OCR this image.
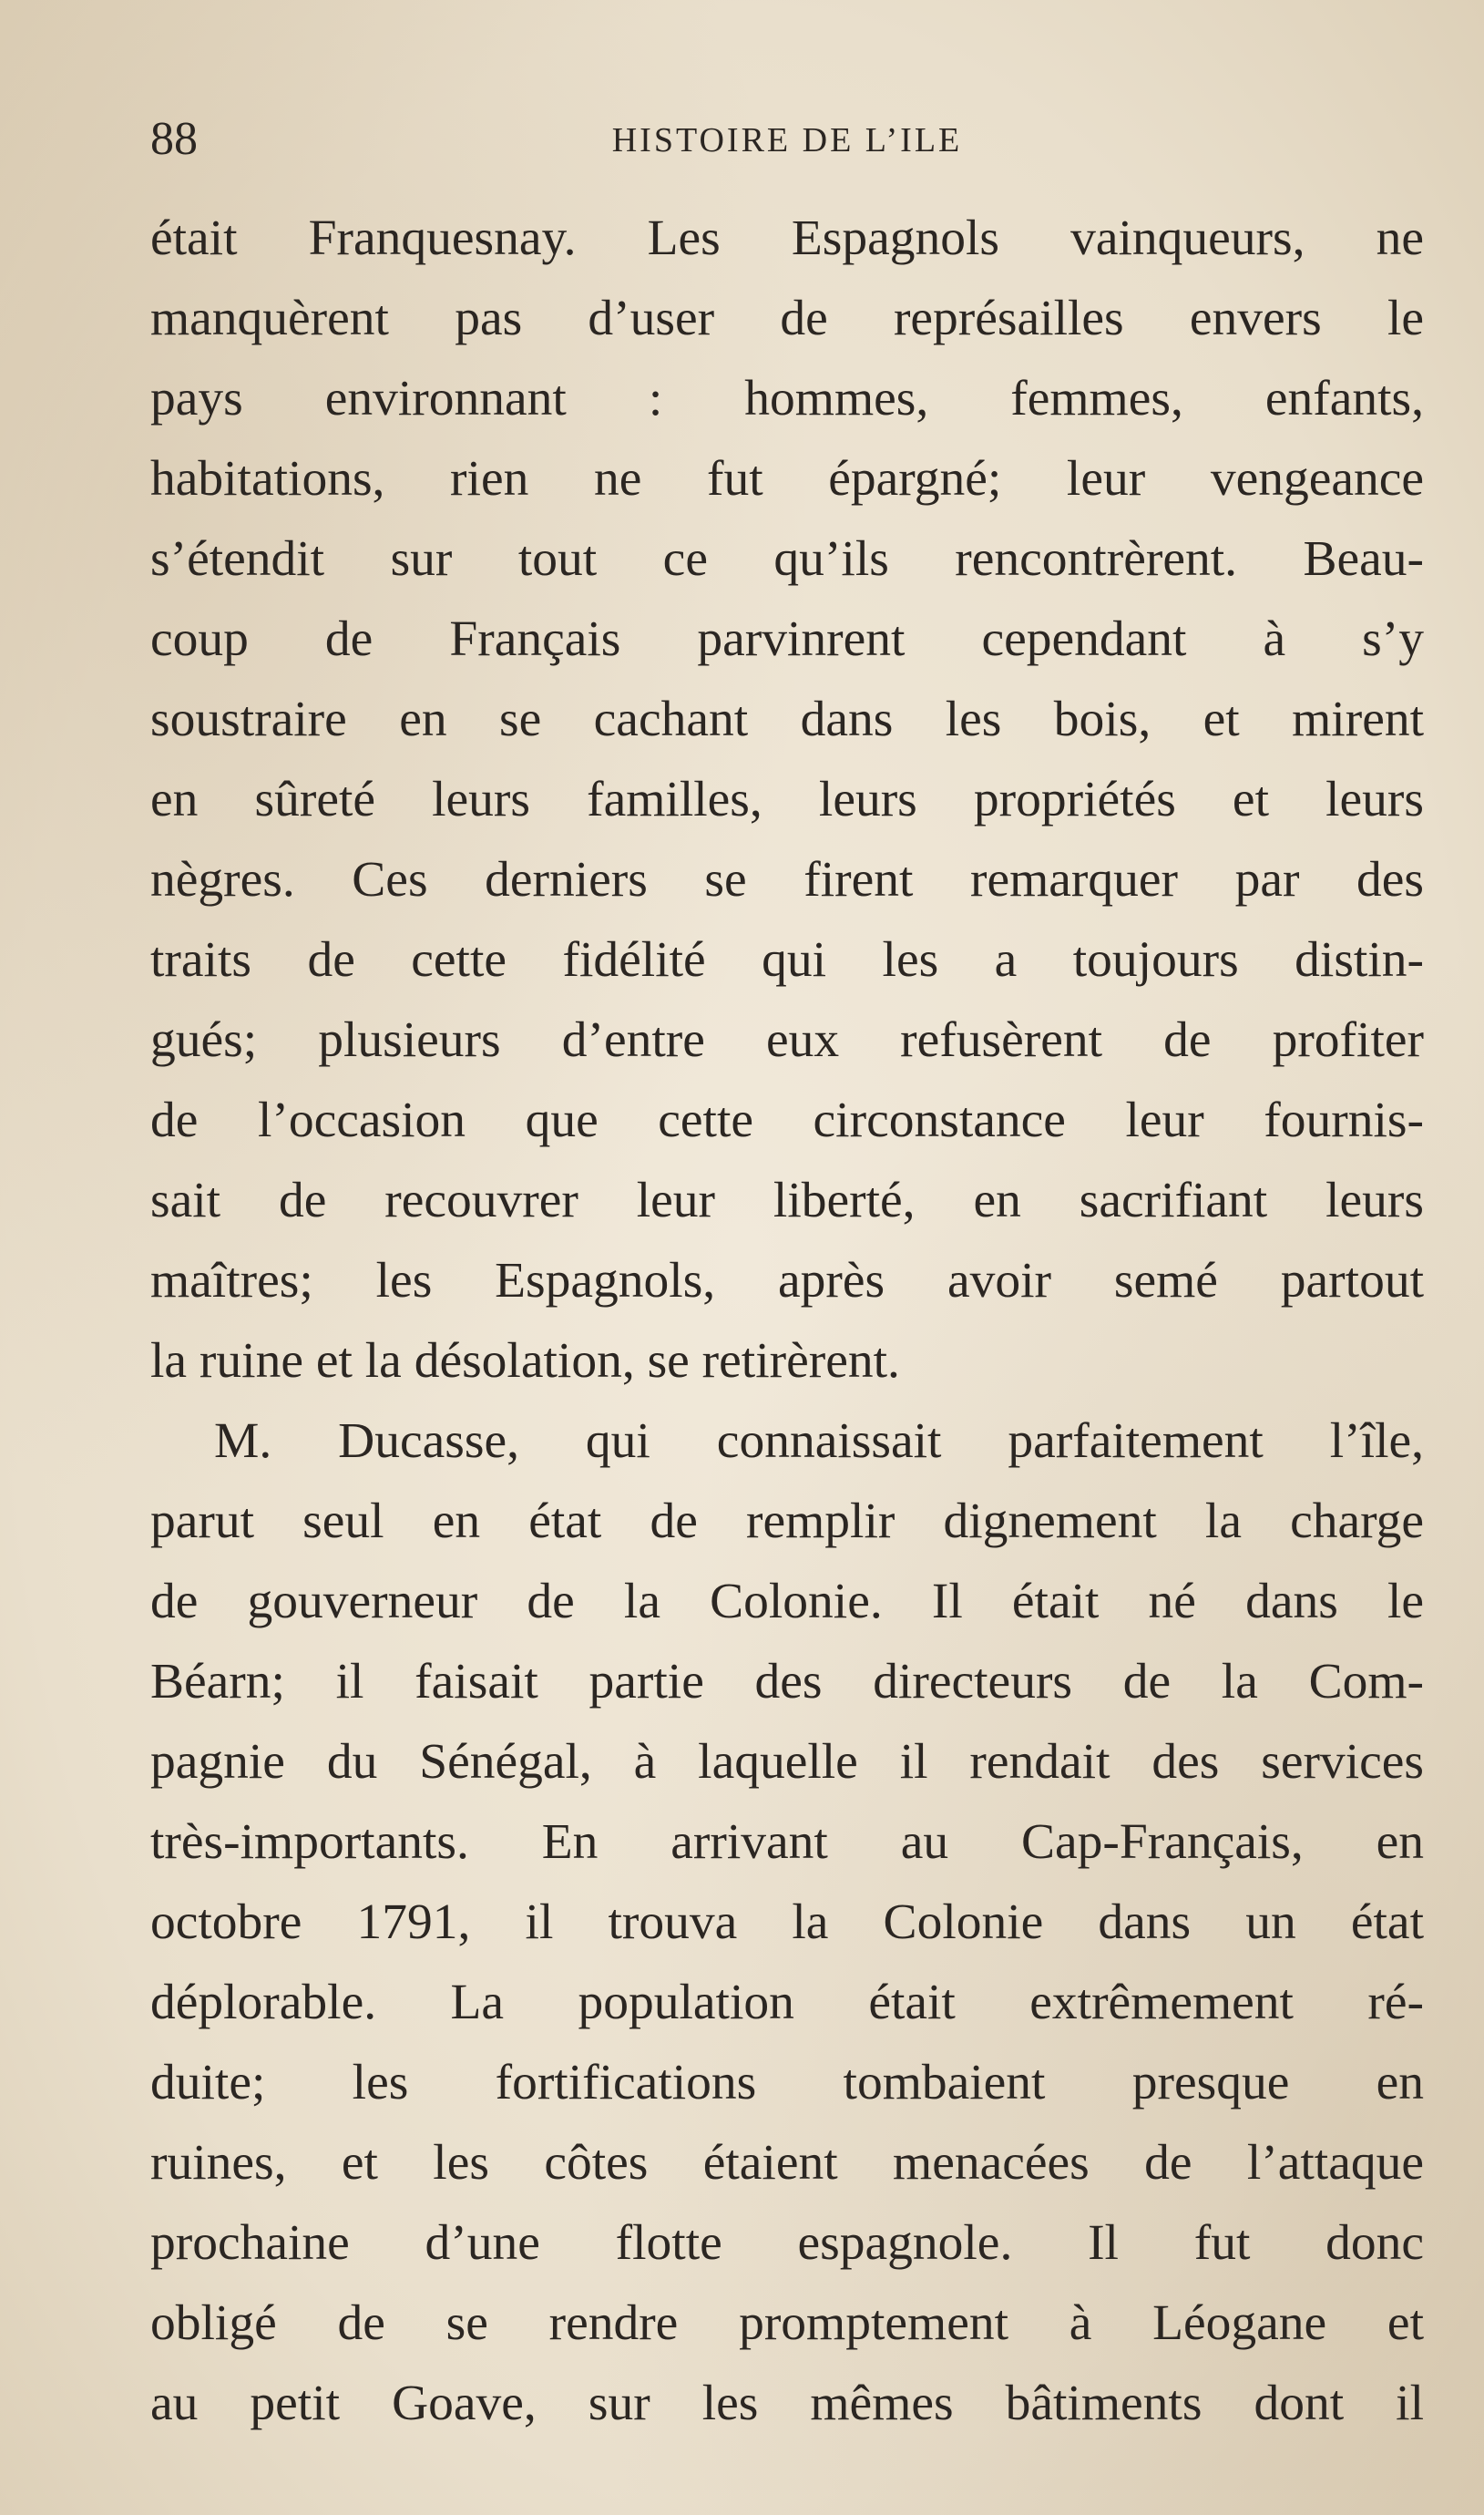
88	HISTOIRE DE L’ILE
était Franquesnay. Les Espagnols vainqueurs, ne
manquèrent pas d’user de représailles envers le
pays environnant : hommes, femmes, enfants,
habitations, rien ne fut épargné; leur vengeance
s’étendit sur tout ce qu’ils rencontrèrent. Beau-
coup de Français parvinrent cependant à s’y
soustraire en se cachant dans les bois, et mirent
en sûreté leurs familles, leurs propriétés et leurs
nègres. Ces derniers se firent remarquer par des
traits de cette fidélité qui les a toujours distin-
gués; plusieurs d’entre eux refusèrent de profiter
de l’occasion que cette circonstance leur fournis-
sait de recouvrer leur liberté, en sacrifiant leurs
maîtres; les Espagnols, après avoir semé partout
la ruine et la désolation, se retirèrent.
M. Ducasse, qui connaissait parfaitement l’île,
parut seul en état de remplir dignement la charge
de gouverneur de la Colonie. Il était né dans le
Béarn; il faisait partie des directeurs de la Com-
pagnie du Sénégal, à laquelle il rendait des services
très-importants. En arrivant au Cap-Français, en
octobre 1791, il trouva la Colonie dans un état
déplorable. La population était extrêmement ré-
duite; les fortifications tombaient presque en
ruines, et les côtes étaient menacées de l’attaque
prochaine d’une flotte espagnole. Il fut donc
obligé de se rendre promptement à Léogane et
au petit Goave, sur les mêmes bâtiments dont il
